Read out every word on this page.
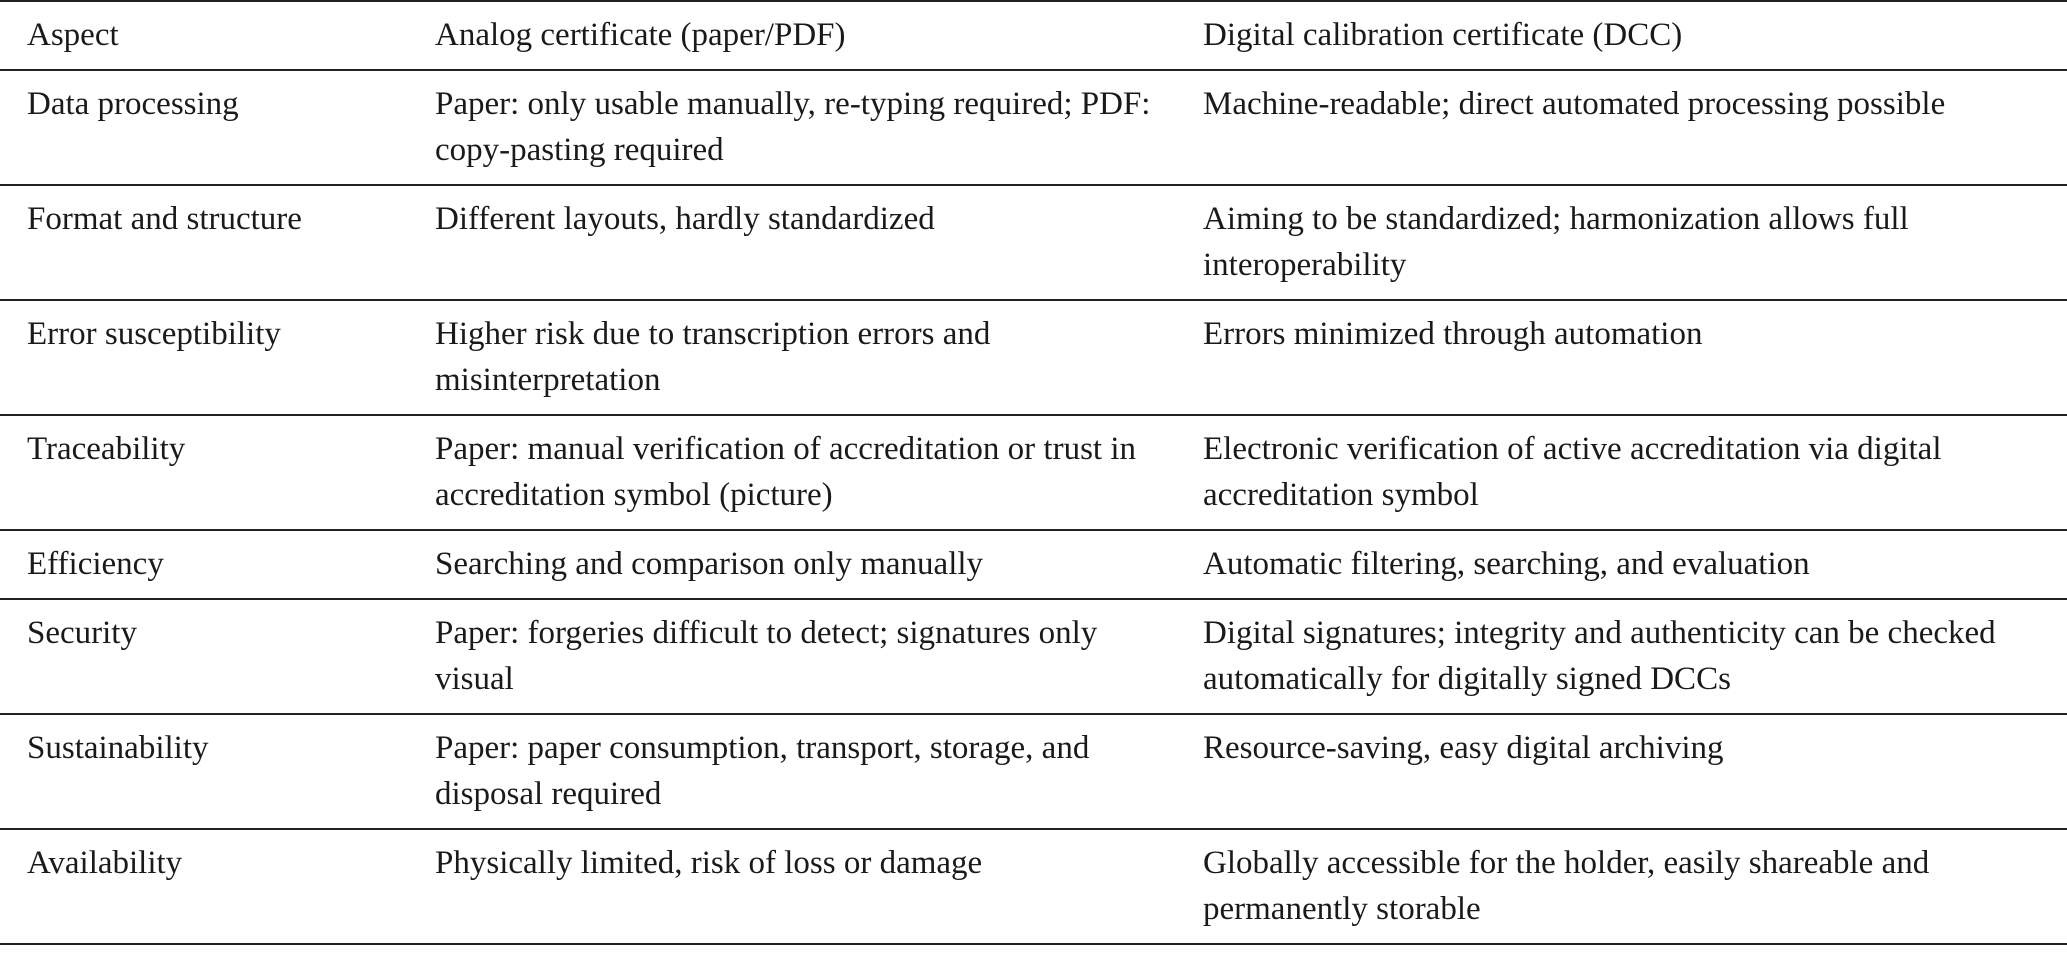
Aspect	Analog certificate (paper/PDF)	Digital calibration certificate (DCC)
Data processing	Paper: only usable manually, re-typing required; PDF: copy-pasting required	Machine-readable; direct automated processing possible
Format and structure	Different layouts, hardly standardized	Aiming to be standardized; harmonization allows full interoperability
Error susceptibility	Higher risk due to transcription errors and misinterpretation	Errors minimized through automation
Traceability	Paper: manual verification of accreditation or trust in accreditation symbol (picture)	Electronic verification of active accreditation via digital accreditation symbol
Efficiency	Searching and comparison only manually	Automatic filtering, searching, and evaluation
Security	Paper: forgeries difficult to detect; signatures only visual	Digital signatures; integrity and authenticity can be checked automatically for digitally signed DCCs
Sustainability	Paper: paper consumption, transport, storage, and disposal required	Resource-saving, easy digital archiving
Availability	Physically limited, risk of loss or damage	Globally accessible for the holder, easily shareable and permanently storable
